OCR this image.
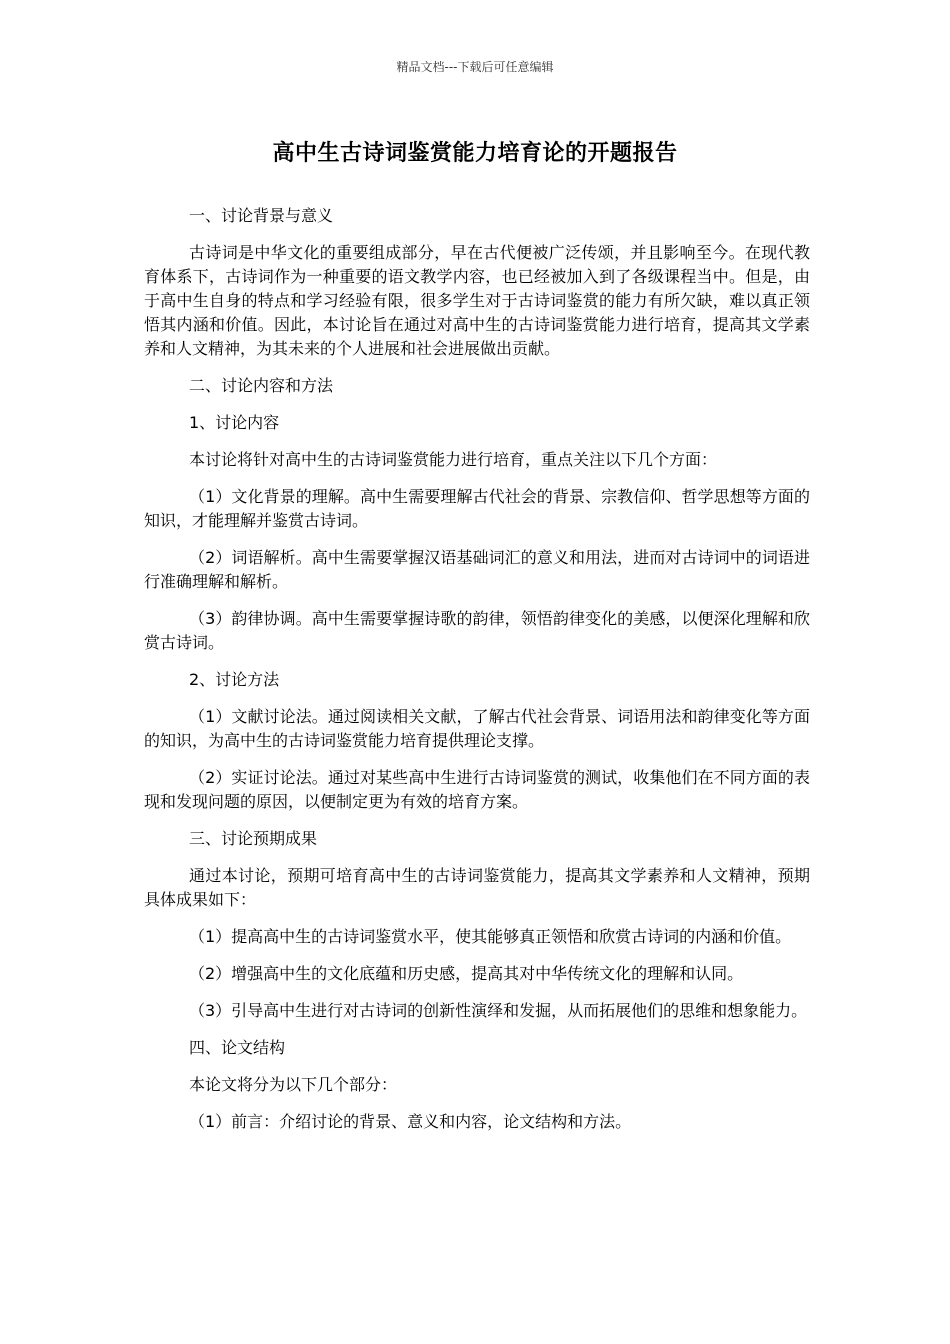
精品文档---下载后可任意编辑
高中生古诗词鉴赏能力培育论的开题报告

一、讨论背景与意义

古诗词是中华文化的重要组成部分，早在古代便被广泛传颂，并且影响至今。在现代教育体系下，古诗词作为一种重要的语文教学内容，也已经被加入到了各级课程当中。但是，由于高中生自身的特点和学习经验有限，很多学生对于古诗词鉴赏的能力有所欠缺，难以真正领悟其内涵和价值。因此，本讨论旨在通过对高中生的古诗词鉴赏能力进行培育，提高其文学素养和人文精神，为其未来的个人进展和社会进展做出贡献。

二、讨论内容和方法

1、讨论内容

本讨论将针对高中生的古诗词鉴赏能力进行培育，重点关注以下几个方面：

（1）文化背景的理解。高中生需要理解古代社会的背景、宗教信仰、哲学思想等方面的知识，才能理解并鉴赏古诗词。

（2）词语解析。高中生需要掌握汉语基础词汇的意义和用法，进而对古诗词中的词语进行准确理解和解析。

（3）韵律协调。高中生需要掌握诗歌的韵律，领悟韵律变化的美感，以便深化理解和欣赏古诗词。

2、讨论方法

（1）文献讨论法。通过阅读相关文献，了解古代社会背景、词语用法和韵律变化等方面的知识，为高中生的古诗词鉴赏能力培育提供理论支撑。

（2）实证讨论法。通过对某些高中生进行古诗词鉴赏的测试，收集他们在不同方面的表现和发现问题的原因，以便制定更为有效的培育方案。

三、讨论预期成果

通过本讨论，预期可培育高中生的古诗词鉴赏能力，提高其文学素养和人文精神，预期具体成果如下：

（1）提高高中生的古诗词鉴赏水平，使其能够真正领悟和欣赏古诗词的内涵和价值。

（2）增强高中生的文化底蕴和历史感，提高其对中华传统文化的理解和认同。

（3）引导高中生进行对古诗词的创新性演绎和发掘，从而拓展他们的思维和想象能力。

四、论文结构

本论文将分为以下几个部分：

（1）前言：介绍讨论的背景、意义和内容，论文结构和方法。
